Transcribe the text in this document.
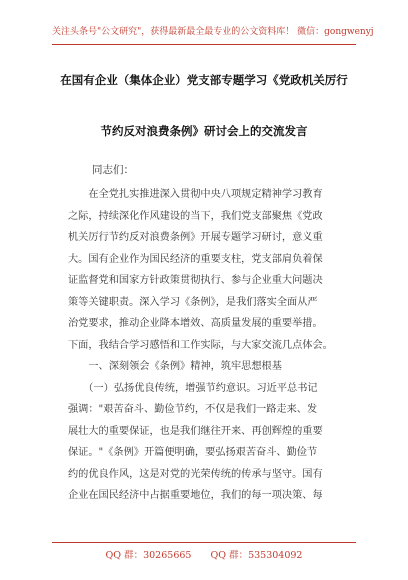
关注头条号"公文研究"，获得最新最全最专业的公文资料库！ 微信：gongwenyj
在国有企业（集体企业）党支部专题学习《党政机关厉行
节约反对浪费条例》研讨会上的交流发言
同志们：
　　在全党扎实推进深入贯彻中央八项规定精神学习教育
之际，持续深化作风建设的当下，我们党支部聚焦《党政
机关厉行节约反对浪费条例》开展专题学习研讨，意义重
大。国有企业作为国民经济的重要支柱，党支部肩负着保
证监督党和国家方针政策贯彻执行、参与企业重大问题决
策等关键职责。深入学习《条例》，是我们落实全面从严
治党要求，推动企业降本增效、高质量发展的重要举措。
下面，我结合学习感悟和工作实际，与大家交流几点体会。
　　一、深刻领会《条例》精神，筑牢思想根基
　　（一）弘扬优良传统，增强节约意识。习近平总书记
强调："艰苦奋斗、勤俭节约，不仅是我们一路走来、发
展壮大的重要保证，也是我们继往开来、再创辉煌的重要
保证。"《条例》开篇便明确，要弘扬艰苦奋斗、勤俭节
约的优良作风，这是对党的光荣传统的传承与坚守。国有
企业在国民经济中占据重要地位，我们的每一项决策、每
QQ 群：30265665 QQ 群：535304092
